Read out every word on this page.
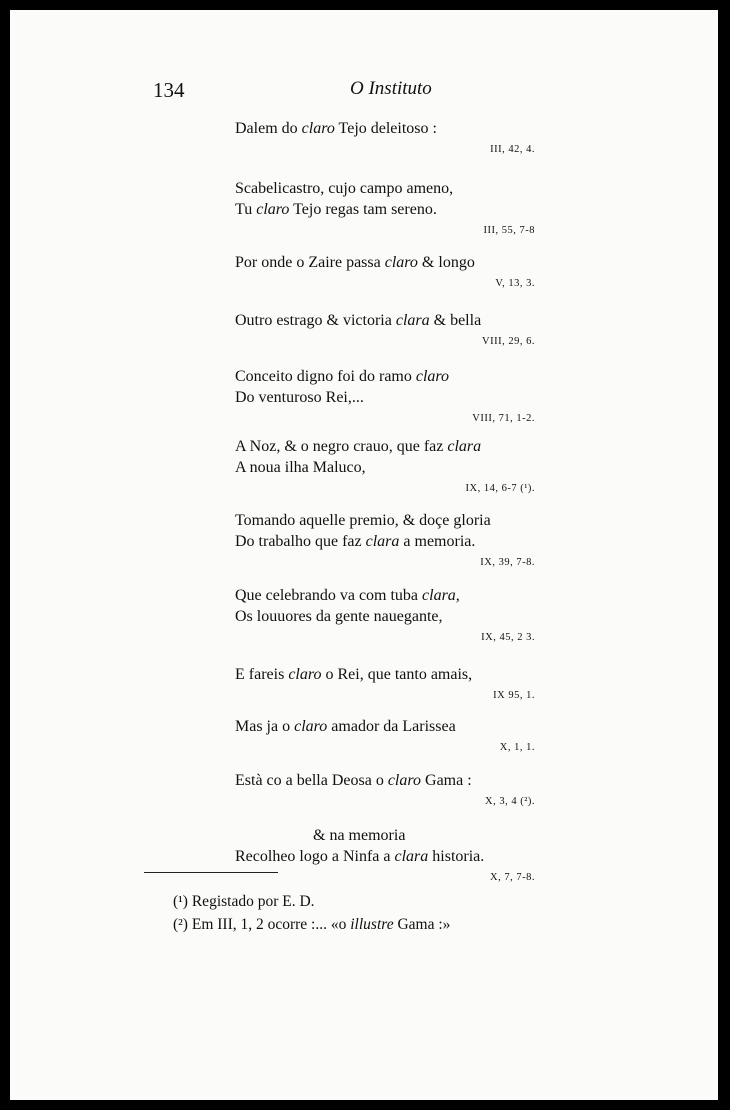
134	O Instituto
Dalem do claro Tejo deleitoso :
III, 42, 4.
Scabelicastro, cujo campo ameno,
Tu claro Tejo regas tam sereno.
III, 55, 7-8
Por onde o Zaire passa claro & longo
V, 13, 3.
Outro estrago & victoria clara & bella
VIII, 29, 6.
Conceito digno foi do ramo claro
Do venturoso Rei,...
VIII, 71, 1-2.
A Noz, & o negro crauo, que faz clara
A noua ilha Maluco,
IX, 14, 6-7 (¹).
Tomando aquelle premio, & doçe gloria
Do trabalho que faz clara a memoria.
IX, 39, 7-8.
Que celebrando va com tuba clara,
Os louuores da gente nauegante,
IX, 45, 2 3.
E fareis claro o Rei, que tanto amais,
IX 95, 1.
Mas ja o claro amador da Larissea
X, 1, 1.
Està co a bella Deosa o claro Gama :
X, 3, 4 (²).
& na memoria
Recolheo logo a Ninfa a clara historia.
X, 7, 7-8.
(¹) Registado por E. D.
(²) Em III, 1, 2 ocorre :... «o illustre Gama :»
